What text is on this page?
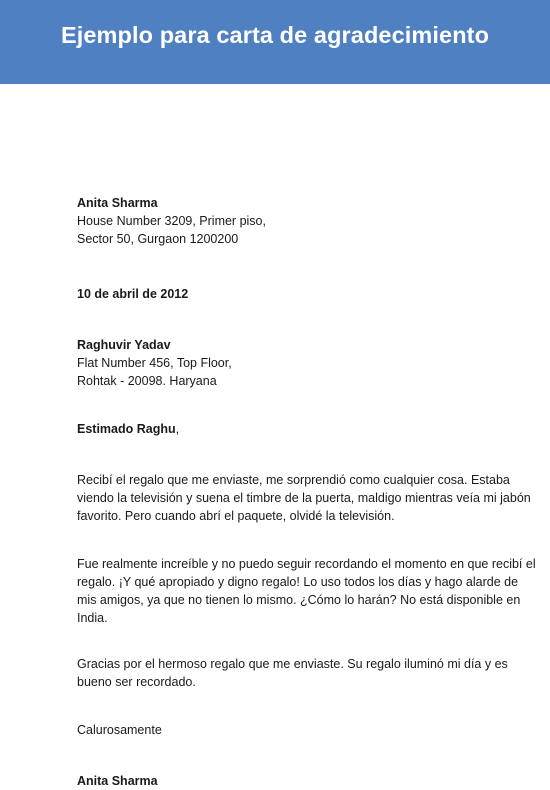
Ejemplo para carta de agradecimiento
Anita Sharma
House Number 3209, Primer piso,
Sector 50, Gurgaon 1200200
10 de abril de 2012
Raghuvir Yadav
Flat Number 456, Top Floor,
Rohtak - 20098. Haryana
Estimado Raghu,
Recibí el regalo que me enviaste, me sorprendió como cualquier cosa. Estaba
viendo la televisión y suena el timbre de la puerta, maldigo mientras veía mi jabón
favorito. Pero cuando abrí el paquete, olvidé la televisión.
Fue realmente increíble y no puedo seguir recordando el momento en que recibí el
regalo. ¡Y qué apropiado y digno regalo! Lo uso todos los días y hago alarde de
mis amigos, ya que no tienen lo mismo. ¿Cómo lo harán? No está disponible en
India.
Gracias por el hermoso regalo que me enviaste. Su regalo iluminó mi día y es
bueno ser recordado.
Calurosamente
Anita Sharma
